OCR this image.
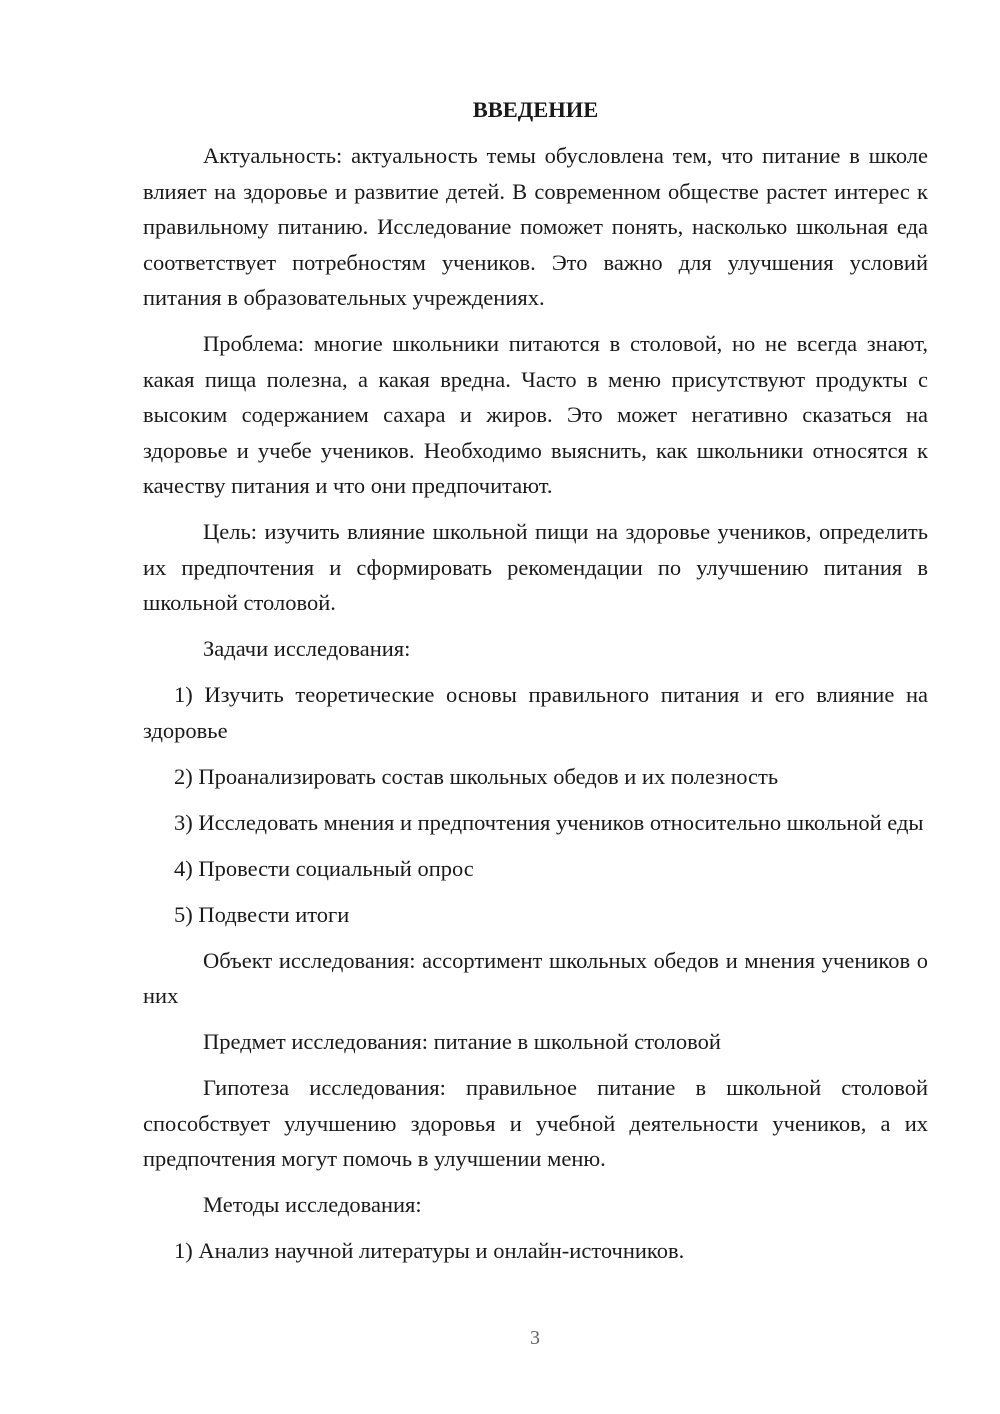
ВВЕДЕНИЕ

Актуальность: актуальность темы обусловлена тем, что питание в школе влияет на здоровье и развитие детей. В современном обществе растет интерес к правильному питанию. Исследование поможет понять, насколько школьная еда соответствует потребностям учеников. Это важно для улучшения условий питания в образовательных учреждениях.

Проблема: многие школьники питаются в столовой, но не всегда знают, какая пища полезна, а какая вредна. Часто в меню присутствуют продукты с высоким содержанием сахара и жиров. Это может негативно сказаться на здоровье и учебе учеников. Необходимо выяснить, как школьники относятся к качеству питания и что они предпочитают.

Цель: изучить влияние школьной пищи на здоровье учеников, определить их предпочтения и сформировать рекомендации по улучшению питания в школьной столовой.

Задачи исследования:

1) Изучить теоретические основы правильного питания и его влияние на здоровье

2) Проанализировать состав школьных обедов и их полезность

3) Исследовать мнения и предпочтения учеников относительно школьной еды

4) Провести социальный опрос

5) Подвести итоги

Объект исследования: ассортимент школьных обедов и мнения учеников о них

Предмет исследования: питание в школьной столовой

Гипотеза исследования: правильное питание в школьной столовой способствует улучшению здоровья и учебной деятельности учеников, а их предпочтения могут помочь в улучшении меню.

Методы исследования:

1) Анализ научной литературы и онлайн-источников.

3
